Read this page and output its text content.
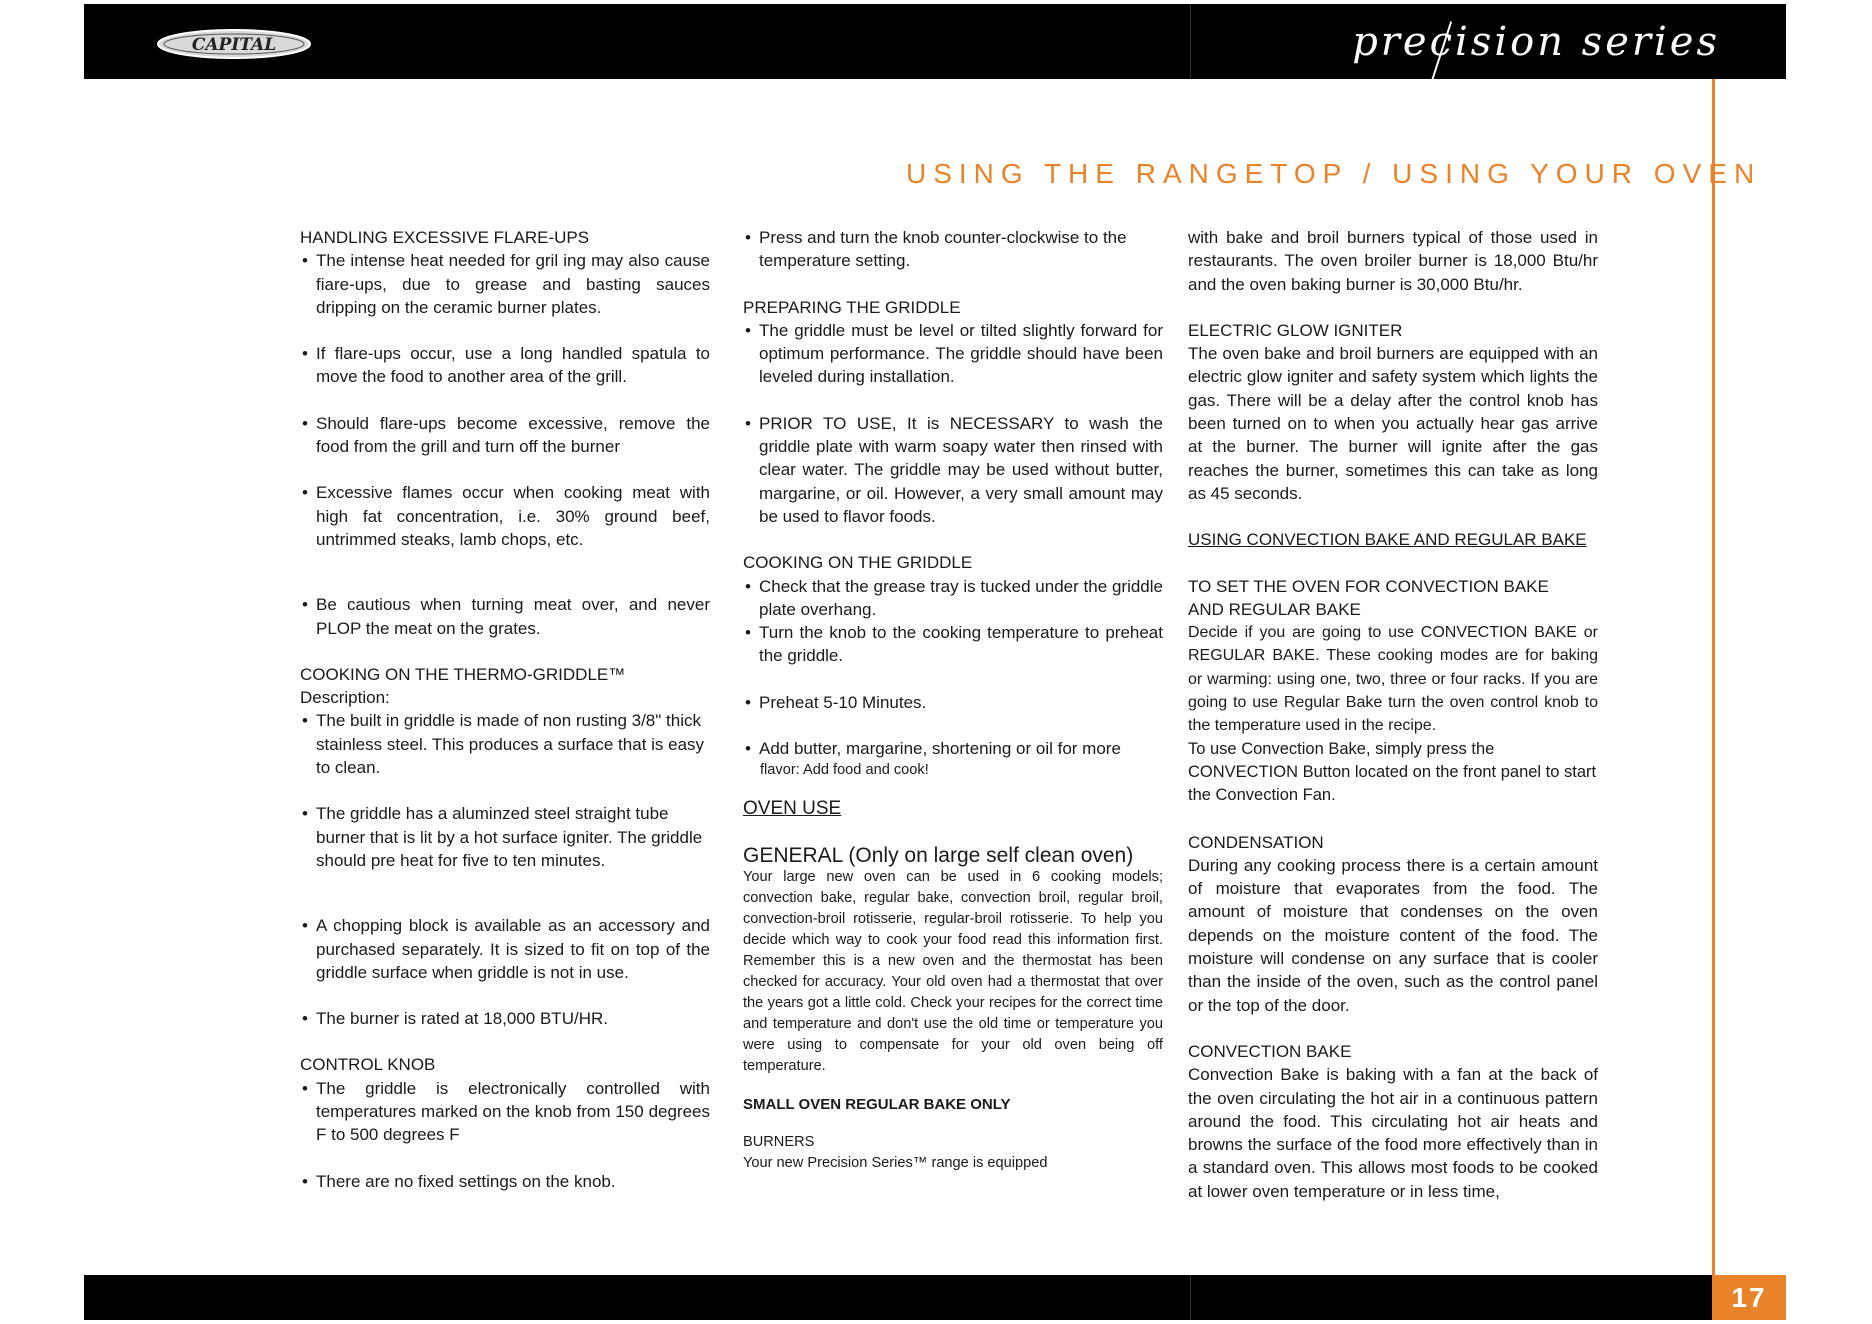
CAPITAL	precision series
USING THE RANGETOP / USING YOUR OVEN

HANDLING EXCESSIVE FLARE-UPS

• The intense heat needed for gril ing may also cause fiare-ups, due to grease and basting sauces dripping on the ceramic burner plates.

• If flare-ups occur, use a long handled spatula to move the food to another area of the grill.

• Should flare-ups become excessive, remove the food from the grill and turn off the burner

• Excessive flames occur when cooking meat with high fat concentration, i.e. 30% ground beef, untrimmed steaks, lamb chops, etc.

• Be cautious when turning meat over, and never PLOP the meat on the grates.

COOKING ON THE THERMO-GRIDDLE™

Description:

• The built in griddle is made of non rusting 3/8" thick stainless steel. This produces a surface that is easy to clean.

• The griddle has a aluminzed steel straight tube burner that is lit by a hot surface igniter. The griddle should pre heat for five to ten minutes.

• A chopping block is available as an accessory and purchased separately. It is sized to fit on top of the griddle surface when griddle is not in use.

• The burner is rated at 18,000 BTU/HR.

CONTROL KNOB

• The griddle is electronically controlled with temperatures marked on the knob from 150 degrees F to 500 degrees F

• There are no fixed settings on the knob.

• Press and turn the knob counter-clockwise to the temperature setting.

PREPARING THE GRIDDLE

• The griddle must be level or tilted slightly forward for optimum performance. The griddle should have been leveled during installation.

• PRIOR TO USE, It is NECESSARY to wash the griddle plate with warm soapy water then rinsed with clear water. The griddle may be used without butter, margarine, or oil. However, a very small amount may be used to flavor foods.

COOKING ON THE GRIDDLE

• Check that the grease tray is tucked under the griddle plate overhang.

• Turn the knob to the cooking temperature to preheat the griddle.

• Preheat 5-10 Minutes.

• Add butter, margarine, shortening or oil for more

flavor: Add food and cook!

OVEN USE

GENERAL (Only on large self clean oven)

Your large new oven can be used in 6 cooking models; convection bake, regular bake, convection broil, regular broil, convection-broil rotisserie, regular-broil rotisserie. To help you decide which way to cook your food read this information first. Remember this is a new oven and the thermostat has been checked for accuracy. Your old oven had a thermostat that over the years got a little cold. Check your recipes for the correct time and temperature and don't use the old time or temperature you were using to compensate for your old oven being off temperature.

SMALL OVEN REGULAR BAKE ONLY

BURNERS

Your new Precision Series™ range is equipped

with bake and broil burners typical of those used in restaurants. The oven broiler burner is 18,000 Btu/hr and the oven baking burner is 30,000 Btu/hr.

ELECTRIC GLOW IGNITER

The oven bake and broil burners are equipped with an electric glow igniter and safety system which lights the gas. There will be a delay after the control knob has been turned on to when you actually hear gas arrive at the burner. The burner will ignite after the gas reaches the burner, sometimes this can take as long as 45 seconds.

USING CONVECTION BAKE AND REGULAR BAKE

TO SET THE OVEN FOR CONVECTION BAKE

AND REGULAR BAKE

Decide if you are going to use CONVECTION BAKE or REGULAR BAKE. These cooking modes are for baking or warming: using one, two, three or four racks. If you are going to use Regular Bake turn the oven control knob to the temperature used in the recipe.

To use Convection Bake, simply press the CONVECTION Button located on the front panel to start the Convection Fan.

CONDENSATION

During any cooking process there is a certain amount of moisture that evaporates from the food. The amount of moisture that condenses on the oven depends on the moisture content of the food. The moisture will condense on any surface that is cooler than the inside of the oven, such as the control panel or the top of the door.

CONVECTION BAKE

Convection Bake is baking with a fan at the back of the oven circulating the hot air in a continuous pattern around the food. This circulating hot air heats and browns the surface of the food more effectively than in a standard oven. This allows most foods to be cooked at lower oven temperature or in less time,

17
